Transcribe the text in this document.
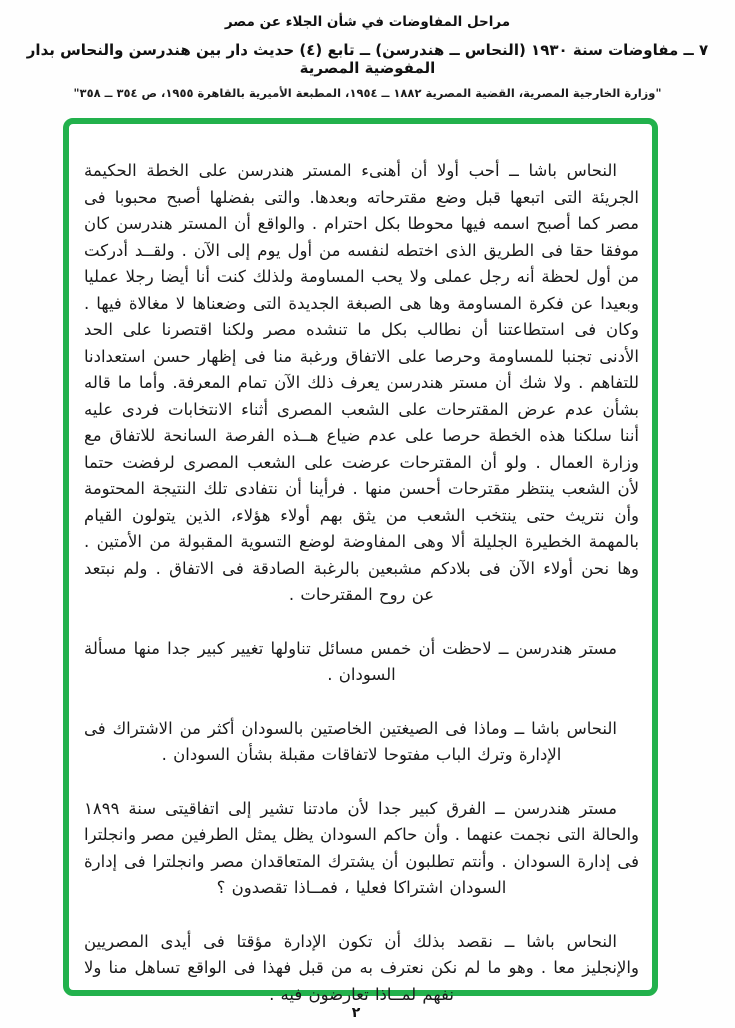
مراحل المفاوضات في شأن الجلاء عن مصر

٧ ــ مفاوضات سنة ١٩٣٠ (النحاس ــ هندرسن) ــ تابع (٤) حديث دار بين هندرسن والنحاس بدار المفوضية المصرية

"وزارة الخارجية المصرية، القضية المصرية ١٨٨٢ ــ ١٩٥٤، المطبعة الأميرية بالقاهرة ١٩٥٥، ص ٣٥٤ ــ ٣٥٨"

النحاس باشا ــ أحب أولا أن أهنىء المستر هندرسن على الخطة الحكيمة الجريئة التى اتبعها قبل وضع مقترحاته وبعدها. والتى بفضلها أصبح محبوبا فى مصر كما أصبح اسمه فيها محوطا بكل احترام . والواقع أن المستر هندرسن كان موفقا حقا فى الطريق الذى اختطه لنفسه من أول يوم إلى الآن . ولقــد أدركت من أول لحظة أنه رجل عملى ولا يحب المساومة ولذلك كنت أنا أيضا رجلا عمليا وبعيدا عن فكرة المساومة وها هى الصبغة الجديدة التى وضعناها لا مغالاة فيها . وكان فى استطاعتنا أن نطالب بكل ما تنشده مصر ولكنا اقتصرنا على الحد الأدنى تجنبا للمساومة وحرصا على الاتفاق ورغبة منا فى إظهار حسن استعدادنا للتفاهم . ولا شك أن مستر هندرسن يعرف ذلك الآن تمام المعرفة. وأما ما قاله بشأن عدم عرض المقترحات على الشعب المصرى أثناء الانتخابات فردى عليه أننا سلكنا هذه الخطة حرصا على عدم ضياع هــذه الفرصة السانحة للاتفاق مع وزارة العمال . ولو أن المقترحات عرضت على الشعب المصرى لرفضت حتما لأن الشعب ينتظر مقترحات أحسن منها . فرأينا أن نتفادى تلك النتيجة المحتومة وأن نتريث حتى ينتخب الشعب من يثق بهم أولاء هؤلاء، الذين يتولون القيام بالمهمة الخطيرة الجليلة ألا وهى المفاوضة لوضع التسوية المقبولة من الأمتين . وها نحن أولاء الآن فى بلادكم مشبعين بالرغبة الصادقة فى الاتفاق . ولم نبتعد عن روح المقترحات .

مستر هندرسن ــ لاحظت أن خمس مسائل تناولها تغيير كبير جدا منها مسألة السودان .

النحاس باشا ــ وماذا فى الصيغتين الخاصتين بالسودان أكثر من الاشتراك فى الإدارة وترك الباب مفتوحا لاتفاقات مقبلة بشأن السودان .

مستر هندرسن ــ الفرق كبير جدا لأن مادتنا تشير إلى اتفاقيتى سنة ١٨٩٩ والحالة التى نجمت عنهما . وأن حاكم السودان يظل يمثل الطرفين مصر وانجلترا فى إدارة السودان . وأنتم تطلبون أن يشترك المتعاقدان مصر وانجلترا فى إدارة السودان اشتراكا فعليا ، فمــاذا تقصدون ؟

النحاس باشا ــ نقصد بذلك أن تكون الإدارة مؤقتا فى أيدى المصريين والإنجليز معا . وهو ما لم نكن نعترف به من قبل فهذا فى الواقع تساهل منا ولا نفهم لمــاذا تعارضون فيه .

٢
